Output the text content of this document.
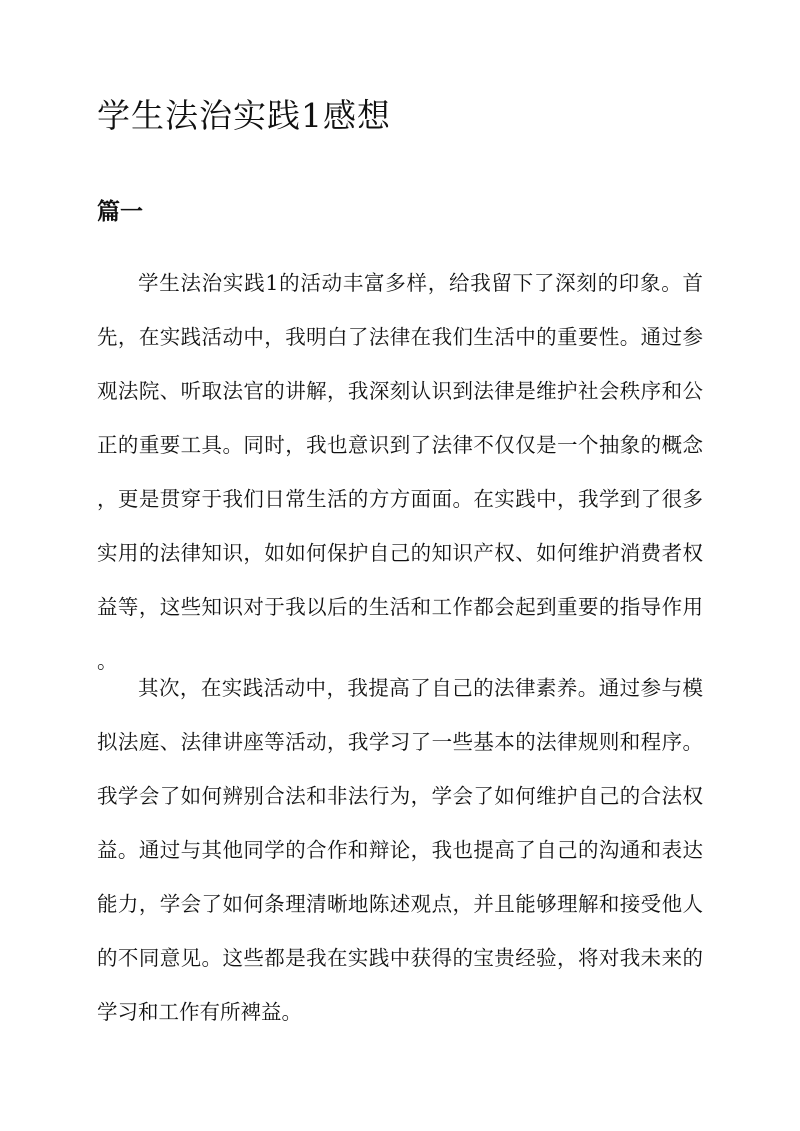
学生法治实践1感想
篇一
学生法治实践1的活动丰富多样，给我留下了深刻的印象。首
先，在实践活动中，我明白了法律在我们生活中的重要性。通过参
观法院、听取法官的讲解，我深刻认识到法律是维护社会秩序和公
正的重要工具。同时，我也意识到了法律不仅仅是一个抽象的概念
，更是贯穿于我们日常生活的方方面面。在实践中，我学到了很多
实用的法律知识，如如何保护自己的知识产权、如何维护消费者权
益等，这些知识对于我以后的生活和工作都会起到重要的指导作用
。
其次，在实践活动中，我提高了自己的法律素养。通过参与模
拟法庭、法律讲座等活动，我学习了一些基本的法律规则和程序。
我学会了如何辨别合法和非法行为，学会了如何维护自己的合法权
益。通过与其他同学的合作和辩论，我也提高了自己的沟通和表达
能力，学会了如何条理清晰地陈述观点，并且能够理解和接受他人
的不同意见。这些都是我在实践中获得的宝贵经验，将对我未来的
学习和工作有所裨益。
